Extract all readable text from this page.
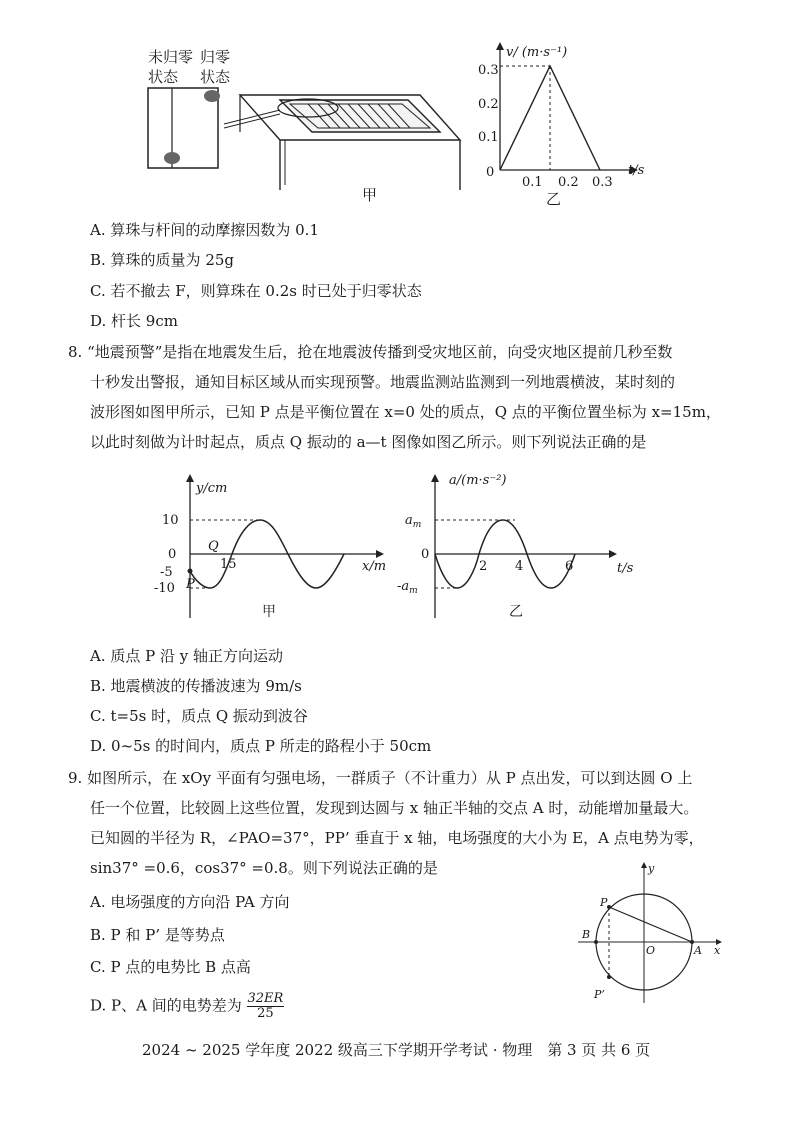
未归零 归零
状态 状态
甲
v/ (m·s⁻¹)
t/s
0.3
0.2
0.1
0
0.1 0.2 0.3
乙
A. 算珠与杆间的动摩擦因数为 0.1
B. 算珠的质量为 25g
C. 若不撤去 F，则算珠在 0.2s 时已处于归零状态
D. 杆长 9cm
8. “地震预警”是指在地震发生后，抢在地震波传播到受灾地区前，向受灾地区提前几秒至数
十秒发出警报，通知目标区域从而实现预警。地震监测站监测到一列地震横波，某时刻的
波形图如图甲所示，已知 P 点是平衡位置在 x=0 处的质点，Q 点的平衡位置坐标为 x=15m，
以此时刻做为计时起点，质点 Q 振动的 a—t 图像如图乙所示。则下列说法正确的是
y/cm
x/m
10
0
-5
-10 P
Q
15
甲
a/(m·s⁻²)
t/s
$a_m$
0
$-a_m$
2 4	6
乙
A. 质点 P 沿 y 轴正方向运动
B. 地震横波的传播波速为 9m/s
C. t=5s 时，质点 Q 振动到波谷
D. 0~5s 的时间内，质点 P 所走的路程小于 50cm
9. 如图所示，在 xOy 平面有匀强电场，一群质子（不计重力）从 P 点出发，可以到达圆 O 上
任一个位置，比较圆上这些位置，发现到达圆与 x 轴正半轴的交点 A 时，动能增加量最大。
已知圆的半径为 R，∠PAO=37°，PP’ 垂直于 x 轴，电场强度的大小为 E，A 点电势为零，
sin37° =0.6，cos37° =0.8。则下列说法正确的是
A. 电场强度的方向沿 PA 方向
B. P 和 P’ 是等势点
C. P 点的电势比 B 点高
D. P、A 间的电势差为 $\frac{32ER}{25}$
y
x
P
B
O	A
P’
2024 ~ 2025 学年度 2022 级高三下学期开学考试 · 物理　第 3 页 共 6 页
